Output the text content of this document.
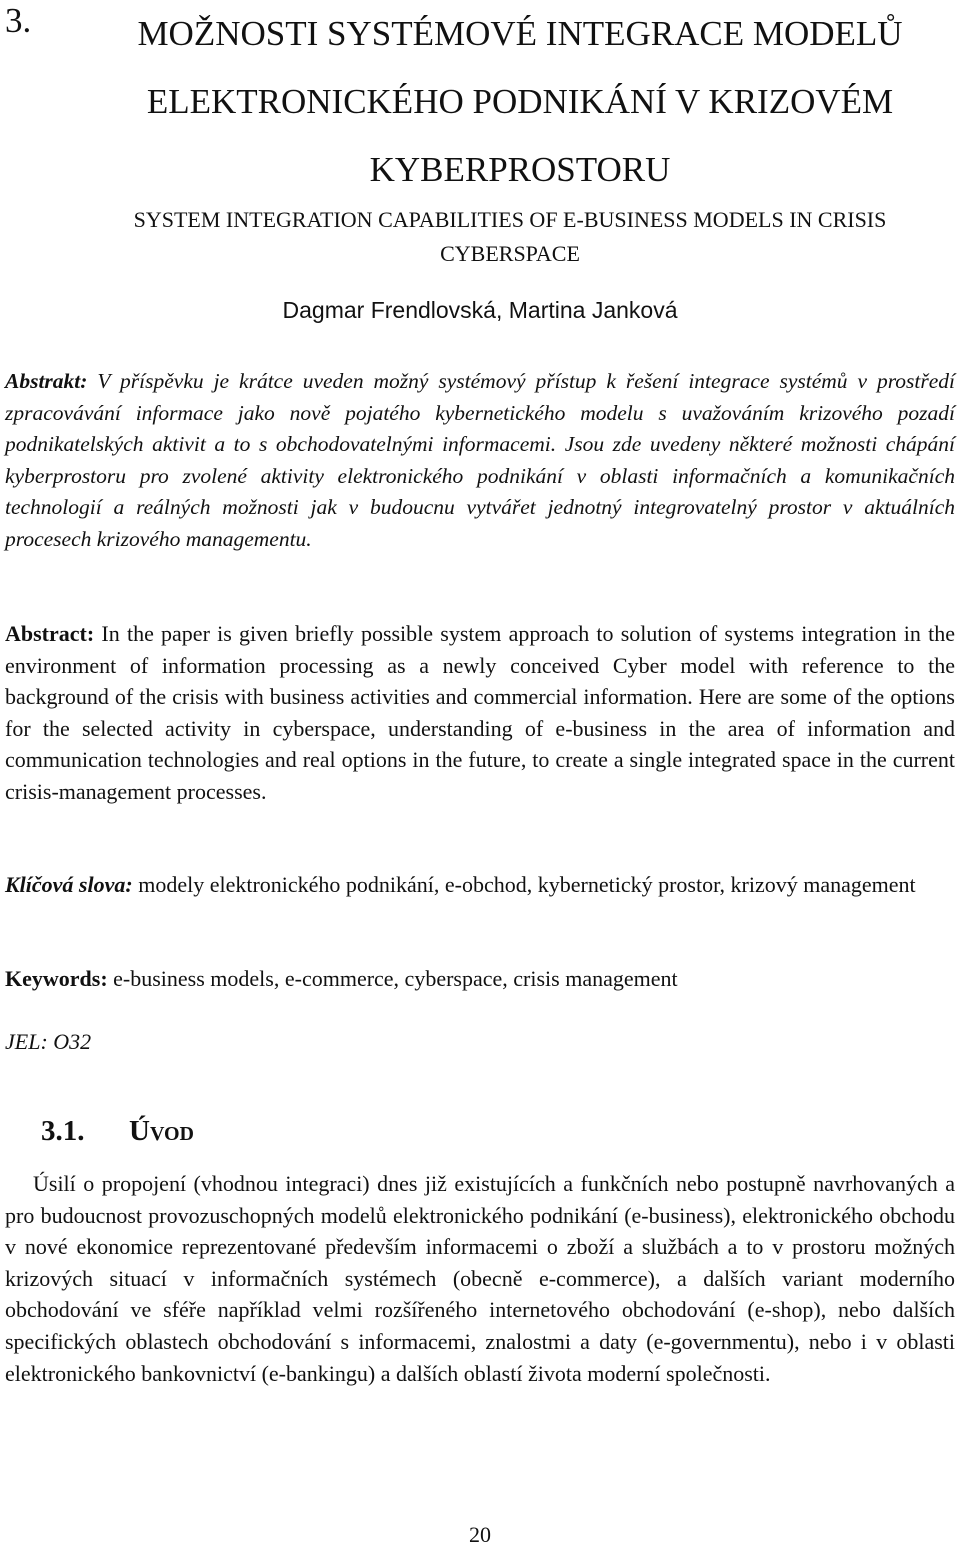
3.	MOŽNOSTI SYSTÉMOVÉ INTEGRACE MODELŮ
ELEKTRONICKÉHO PODNIKÁNÍ V KRIZOVÉM
KYBERPROSTORU
SYSTEM INTEGRATION CAPABILITIES OF E-BUSINESS MODELS IN CRISIS
CYBERSPACE
Dagmar Frendlovská, Martina Janková

Abstrakt: V příspěvku je krátce uveden možný systémový přístup k řešení integrace systémů v prostředí zpracovávání informace jako nově pojatého kybernetického modelu s uvažováním krizového pozadí podnikatelských aktivit a to s obchodovatelnými informacemi. Jsou zde uvedeny některé možnosti chápání kyberprostoru pro zvolené aktivity elektronického podnikání v oblasti informačních a komunikačních technologií a reálných možnosti jak v budoucnu vytvářet jednotný integrovatelný prostor v aktuálních procesech krizového managementu.

Abstract: In the paper is given briefly possible system approach to solution of systems integration in the environment of information processing as a newly conceived Cyber model with reference to the background of the crisis with business activities and commercial information. Here are some of the options for the selected activity in cyberspace, understanding of e-business in the area of information and communication technologies and real options in the future, to create a single integrated space in the current crisis-management processes.

Klíčová slova: modely elektronického podnikání, e-obchod, kybernetický prostor, krizový management

Keywords: e-business models, e-commerce, cyberspace, crisis management

JEL: O32

3.1. Úvod

Úsilí o propojení (vhodnou integraci) dnes již existujících a funkčních nebo postupně navrhovaných a pro budoucnost provozuschopných modelů elektronického podnikání (e-business), elektronického obchodu v nové ekonomice reprezentované především informacemi o zboží a službách a to v prostoru možných krizových situací v informačních systémech (obecně e-commerce), a dalších variant moderního obchodování ve sféře například velmi rozšířeného internetového obchodování (e-shop), nebo dalších specifických oblastech obchodování s informacemi, znalostmi a daty (e-governmentu), nebo i v oblasti elektronického bankovnictví (e-bankingu) a dalších oblastí života moderní společnosti.

20
